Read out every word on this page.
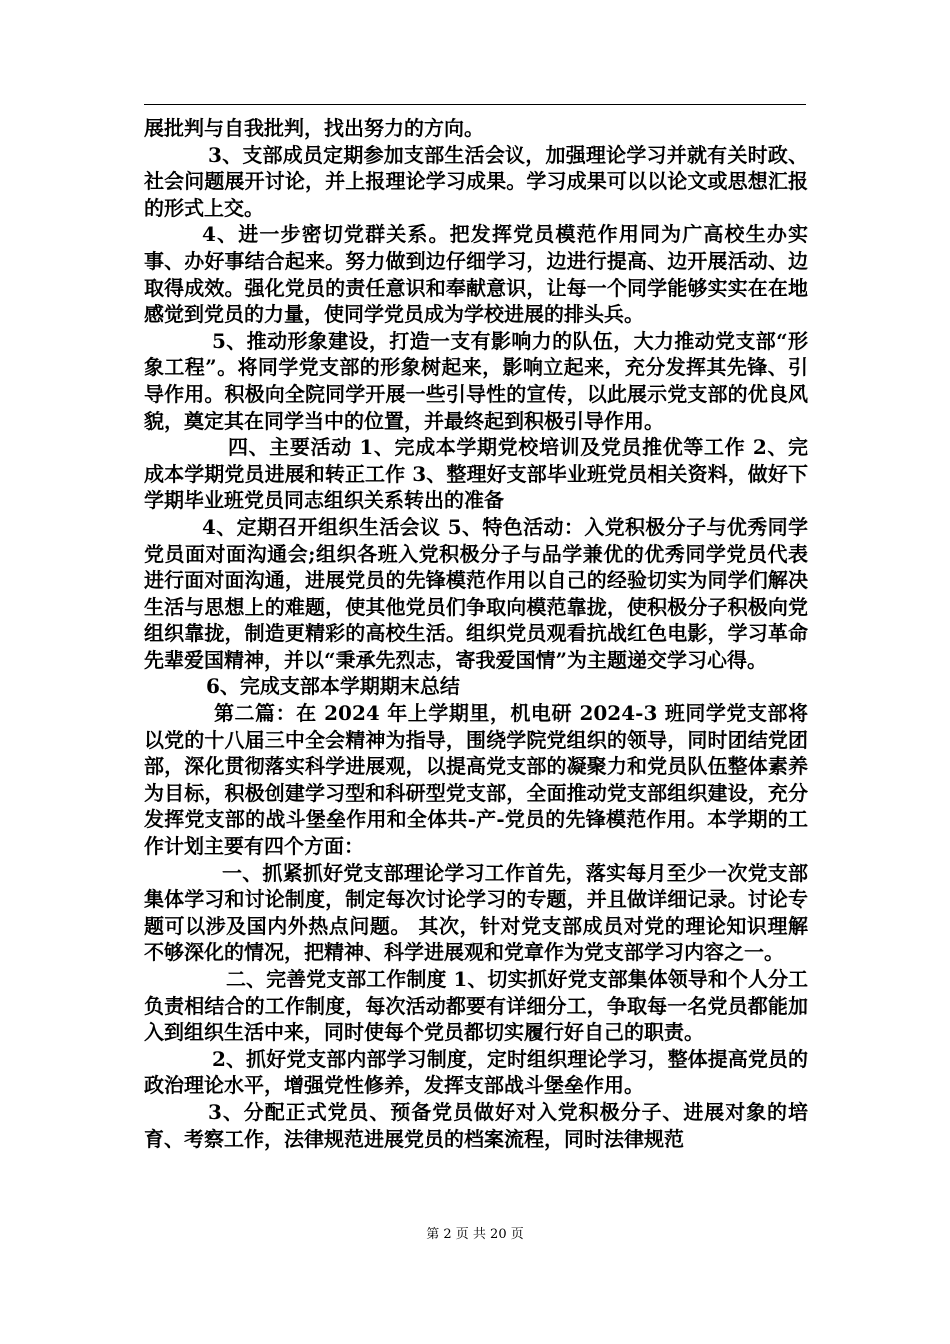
展批判与自我批判，找出努力的方向。

3、支部成员定期参加支部生活会议，加强理论学习并就有关时政、社会问题展开讨论，并上报理论学习成果。学习成果可以以论文或思想汇报的形式上交。

4、进一步密切党群关系。把发挥党员模范作用同为广高校生办实事、办好事结合起来。努力做到边仔细学习，边进行提高、边开展活动、边取得成效。强化党员的责任意识和奉献意识，让每一个同学能够实实在在地感觉到党员的力量，使同学党员成为学校进展的排头兵。

5、推动形象建设，打造一支有影响力的队伍，大力推动党支部“形象工程”。将同学党支部的形象树起来，影响立起来，充分发挥其先锋、引导作用。积极向全院同学开展一些引导性的宣传，以此展示党支部的优良风貌，奠定其在同学当中的位置，并最终起到积极引导作用。

四、主要活动 1、完成本学期党校培训及党员推优等工作 2、完成本学期党员进展和转正工作 3、整理好支部毕业班党员相关资料，做好下学期毕业班党员同志组织关系转出的准备

4、定期召开组织生活会议 5、特色活动：入党积极分子与优秀同学党员面对面沟通会;组织各班入党积极分子与品学兼优的优秀同学党员代表进行面对面沟通，进展党员的先锋模范作用以自己的经验切实为同学们解决生活与思想上的难题，使其他党员们争取向模范靠拢，使积极分子积极向党组织靠拢，制造更精彩的高校生活。组织党员观看抗战红色电影，学习革命先辈爱国精神，并以“秉承先烈志，寄我爱国情”为主题递交学习心得。

6、完成支部本学期期末总结

第二篇：在 2024 年上学期里，机电研 2024-3 班同学党支部将以党的十八届三中全会精神为指导，围绕学院党组织的领导，同时团结党团部，深化贯彻落实科学进展观，以提高党支部的凝聚力和党员队伍整体素养为目标，积极创建学习型和科研型党支部，全面推动党支部组织建设，充分发挥党支部的战斗堡垒作用和全体共-产-党员的先锋模范作用。本学期的工作计划主要有四个方面：

一、抓紧抓好党支部理论学习工作首先，落实每月至少一次党支部集体学习和讨论制度，制定每次讨论学习的专题，并且做详细记录。讨论专题可以涉及国内外热点问题。 其次，针对党支部成员对党的理论知识理解不够深化的情况，把精神、科学进展观和党章作为党支部学习内容之一。

二、完善党支部工作制度 1、切实抓好党支部集体领导和个人分工负责相结合的工作制度，每次活动都要有详细分工，争取每一名党员都能加入到组织生活中来，同时使每个党员都切实履行好自己的职责。

2、抓好党支部内部学习制度，定时组织理论学习，整体提高党员的政治理论水平，增强党性修养，发挥支部战斗堡垒作用。

3、分配正式党员、预备党员做好对入党积极分子、进展对象的培育、考察工作，法律规范进展党员的档案流程，同时法律规范

第 2 页 共 20 页
